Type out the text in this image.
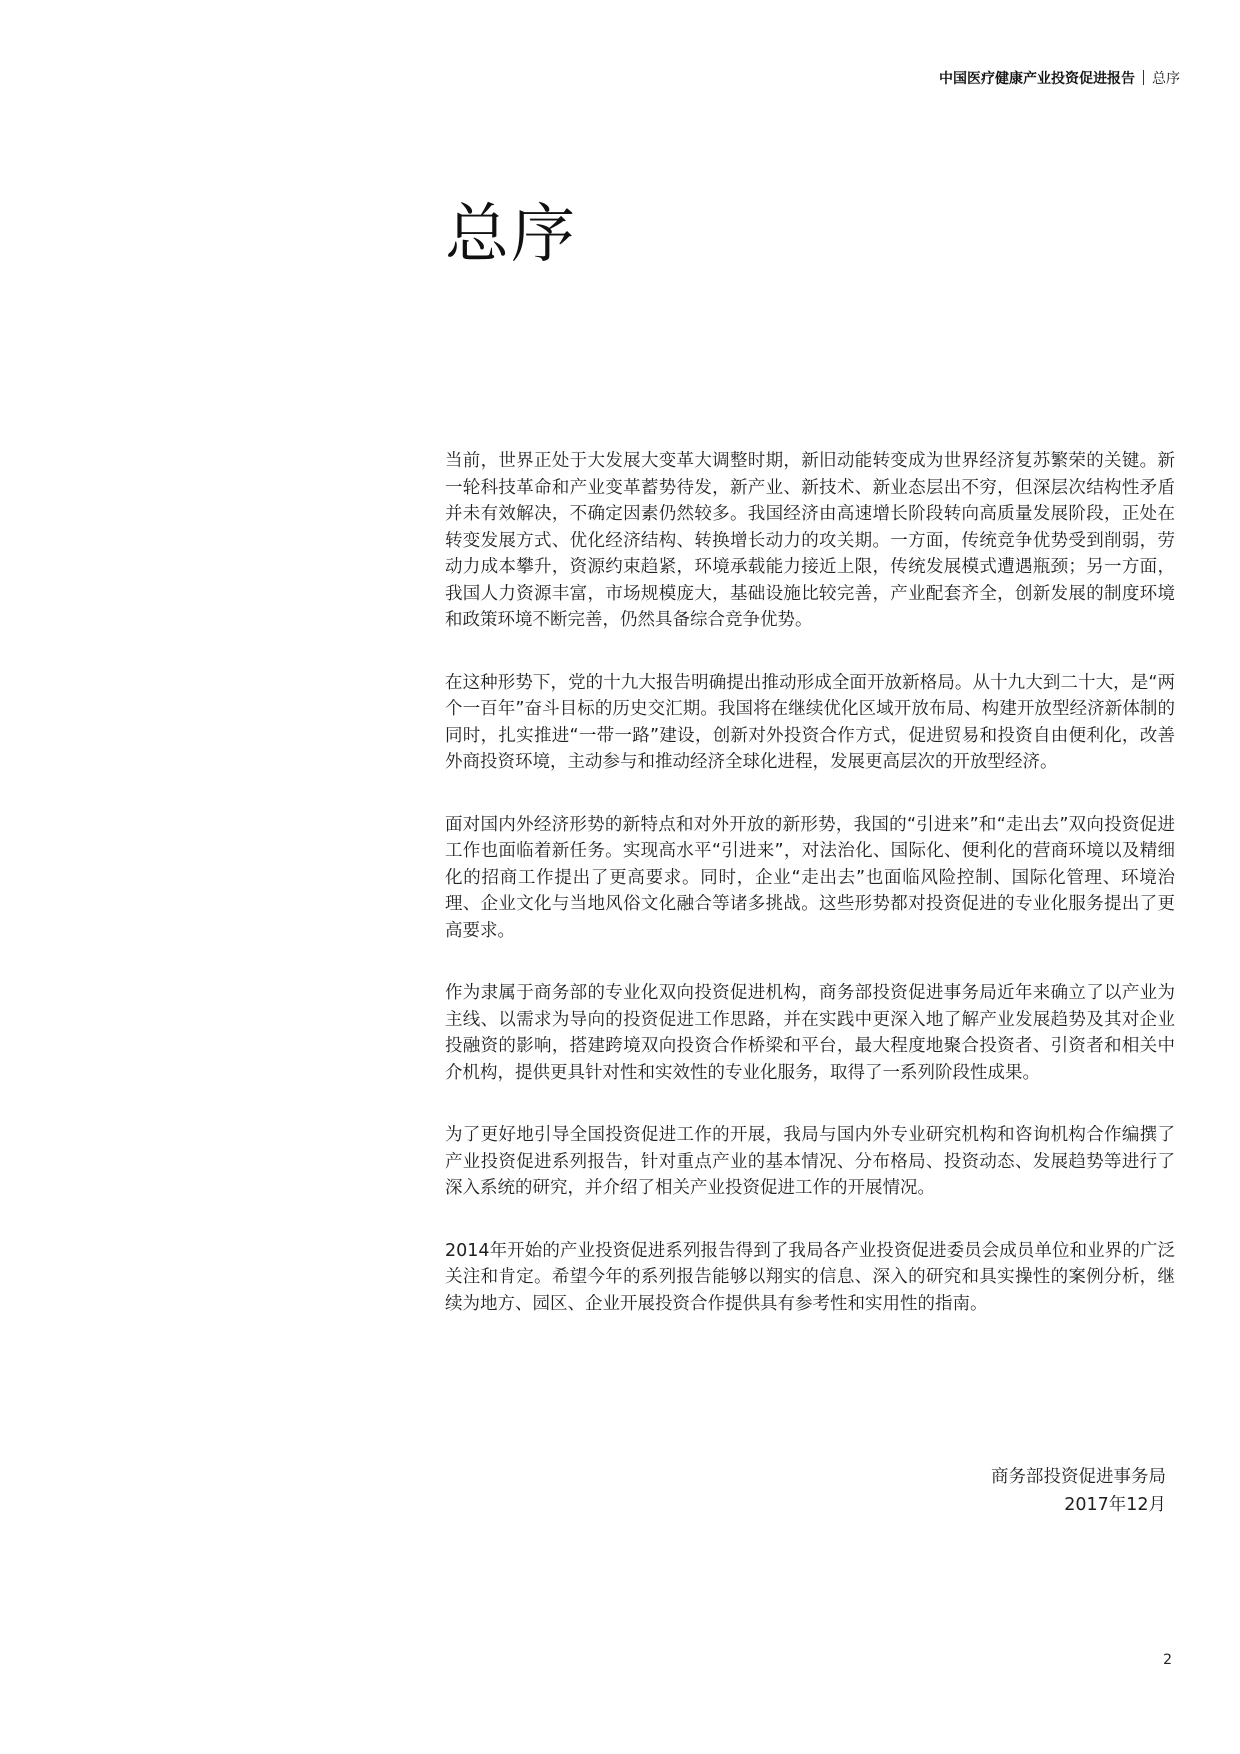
中国医疗健康产业投资促进报告 总序
总序

当前，世界正处于大发展大变革大调整时期，新旧动能转变成为世界经济复苏繁荣的关键。新一轮科技革命和产业变革蓄势待发，新产业、新技术、新业态层出不穷，但深层次结构性矛盾并未有效解决，不确定因素仍然较多。我国经济由高速增长阶段转向高质量发展阶段，正处在转变发展方式、优化经济结构、转换增长动力的攻关期。一方面，传统竞争优势受到削弱，劳动力成本攀升，资源约束趋紧，环境承载能力接近上限，传统发展模式遭遇瓶颈；另一方面，我国人力资源丰富，市场规模庞大，基础设施比较完善，产业配套齐全，创新发展的制度环境和政策环境不断完善，仍然具备综合竞争优势。

在这种形势下，党的十九大报告明确提出推动形成全面开放新格局。从十九大到二十大，是“两个一百年”奋斗目标的历史交汇期。我国将在继续优化区域开放布局、构建开放型经济新体制的同时，扎实推进“一带一路”建设，创新对外投资合作方式，促进贸易和投资自由便利化，改善外商投资环境，主动参与和推动经济全球化进程，发展更高层次的开放型经济。

面对国内外经济形势的新特点和对外开放的新形势，我国的“引进来”和“走出去”双向投资促进工作也面临着新任务。实现高水平“引进来”，对法治化、国际化、便利化的营商环境以及精细化的招商工作提出了更高要求。同时，企业“走出去”也面临风险控制、国际化管理、环境治理、企业文化与当地风俗文化融合等诸多挑战。这些形势都对投资促进的专业化服务提出了更高要求。

作为隶属于商务部的专业化双向投资促进机构，商务部投资促进事务局近年来确立了以产业为主线、以需求为导向的投资促进工作思路，并在实践中更深入地了解产业发展趋势及其对企业投融资的影响，搭建跨境双向投资合作桥梁和平台，最大程度地聚合投资者、引资者和相关中介机构，提供更具针对性和实效性的专业化服务，取得了一系列阶段性成果。

为了更好地引导全国投资促进工作的开展，我局与国内外专业研究机构和咨询机构合作编撰了产业投资促进系列报告，针对重点产业的基本情况、分布格局、投资动态、发展趋势等进行了深入系统的研究，并介绍了相关产业投资促进工作的开展情况。

2014年开始的产业投资促进系列报告得到了我局各产业投资促进委员会成员单位和业界的广泛关注和肯定。希望今年的系列报告能够以翔实的信息、深入的研究和具实操性的案例分析，继续为地方、园区、企业开展投资合作提供具有参考性和实用性的指南。

商务部投资促进事务局
2017年12月
2
